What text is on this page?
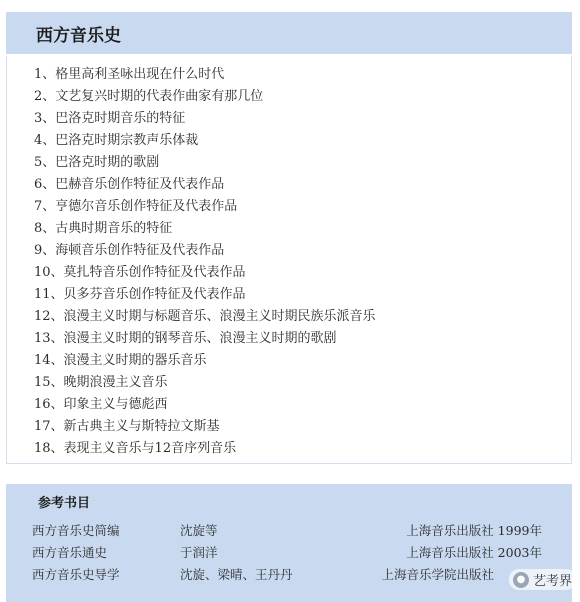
西方音乐史
1、格里高利圣咏出现在什么时代
2、文艺复兴时期的代表作曲家有那几位
3、巴洛克时期音乐的特征
4、巴洛克时期宗教声乐体裁
5、巴洛克时期的歌剧
6、巴赫音乐创作特征及代表作品
7、亨德尔音乐创作特征及代表作品
8、古典时期音乐的特征
9、海顿音乐创作特征及代表作品
10、莫扎特音乐创作特征及代表作品
11、贝多芬音乐创作特征及代表作品
12、浪漫主义时期与标题音乐、浪漫主义时期民族乐派音乐
13、浪漫主义时期的钢琴音乐、浪漫主义时期的歌剧
14、浪漫主义时期的器乐音乐
15、晚期浪漫主义音乐
16、印象主义与德彪西
17、新古典主义与斯特拉文斯基
18、表现主义音乐与12音序列音乐
参考书目
西方音乐史简编	沈旋等	上海音乐出版社 1999年
西方音乐通史	于润洋	上海音乐出版社 2003年
西方音乐史导学	沈旋、梁晴、王丹丹	上海音乐学院出版社	● 艺考界
